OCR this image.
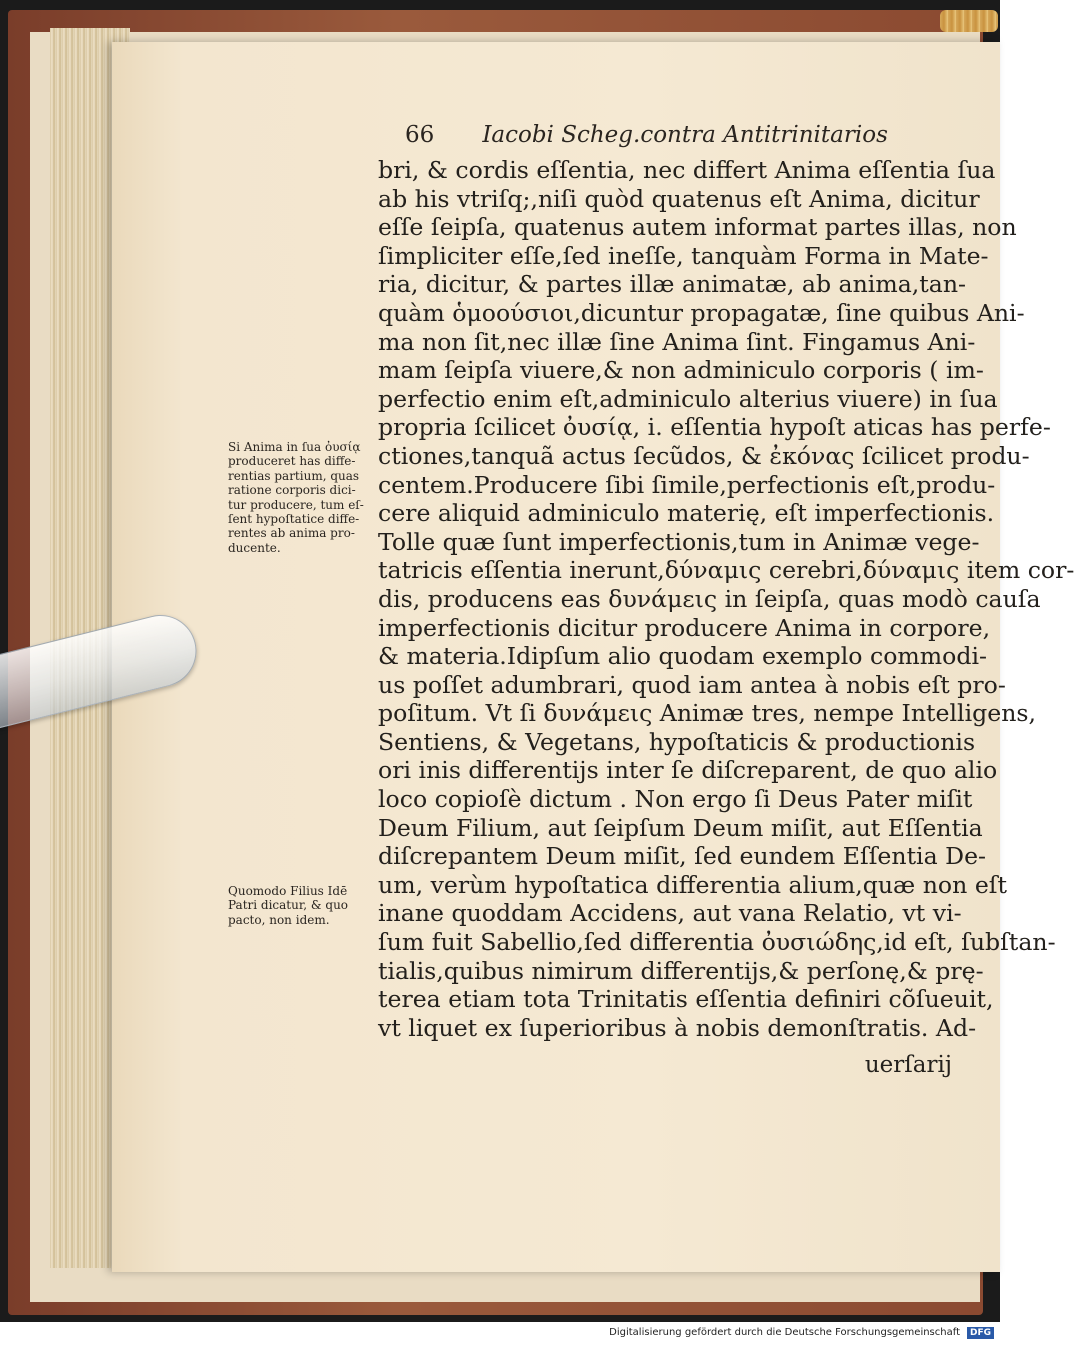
66 Iacobi Scheg.contra Antitrinitarios
bri, & cordis eſſentia, nec differt Anima eſſentia ſua
ab his vtriſq;,niſi quòd quatenus eſt Anima, dicitur
eſſe ſeipſa, quatenus autem informat partes illas, non
ſimpliciter eſſe,ſed ineſſe, tanquàm Forma in Mate-
ria, dicitur, & partes illæ animatæ, ab anima,tan-
quàm ὁμοούσιοι,dicuntur propagatæ, ſine quibus Ani-
ma non ſit,nec illæ ſine Anima ſint. Fingamus Ani-
mam ſeipſa viuere,& non adminiculo corporis ( im-
perfectio enim eſt,adminiculo alterius viuere) in ſua
propria ſcilicet ὀυσίᾳ, i. eſſentia hypoſt aticas has perfe-
ctiones,tanquã actus ſecũdos, & ἐκόνας ſcilicet produ-
centem.Producere ſibi ſimile,perfectionis eſt,produ-
cere aliquid adminiculo materię, eſt imperfectionis.
Tolle quæ ſunt imperfectionis,tum in Animæ vege-
tatricis eſſentia inerunt,δύναμις cerebri,δύναμις item cor-
dis, producens eas δυνάμεις in ſeipſa, quas modò cauſa
imperfectionis dicitur producere Anima in corpore,
& materia.Idipſum alio quodam exemplo commodi-
us poſſet adumbrari, quod iam antea à nobis eſt pro-
poſitum. Vt ſi δυνάμεις Animæ tres, nempe Intelligens,
Sentiens, & Vegetans, hypoſtaticis & productionis
ori inis differentijs inter ſe diſcreparent, de quo alio
loco copioſè dictum . Non ergo ſi Deus Pater miſit
Deum Filium, aut ſeipſum Deum miſit, aut Eſſentia
diſcrepantem Deum miſit, ſed eundem Eſſentia De-
um, verùm hypoſtatica differentia alium,quæ non eſt
inane quoddam Accidens, aut vana Relatio, vt vi-
ſum fuit Sabellio,ſed differentia ὀυσιώδης,id eſt, ſubſtan-
tialis,quibus nimirum differentijs,& perſonę,& prę-
terea etiam tota Trinitatis eſſentia definiri cõſueuit,
vt liquet ex ſuperioribus à nobis demonſtratis. Ad-
uerſarij
Si Anima in ſua ὀυσίᾳ
produceret has diffe-
rentias partium, quas
ratione corporis dici-
tur producere, tum eſ-
ſent hypoſtatice diffe-
rentes ab anima pro-
ducente.
Quomodo Filius Idē
Patri dicatur, & quo
pacto, non idem.
Digitalisierung gefördert durch die Deutsche Forschungsgemeinschaft	DFG
